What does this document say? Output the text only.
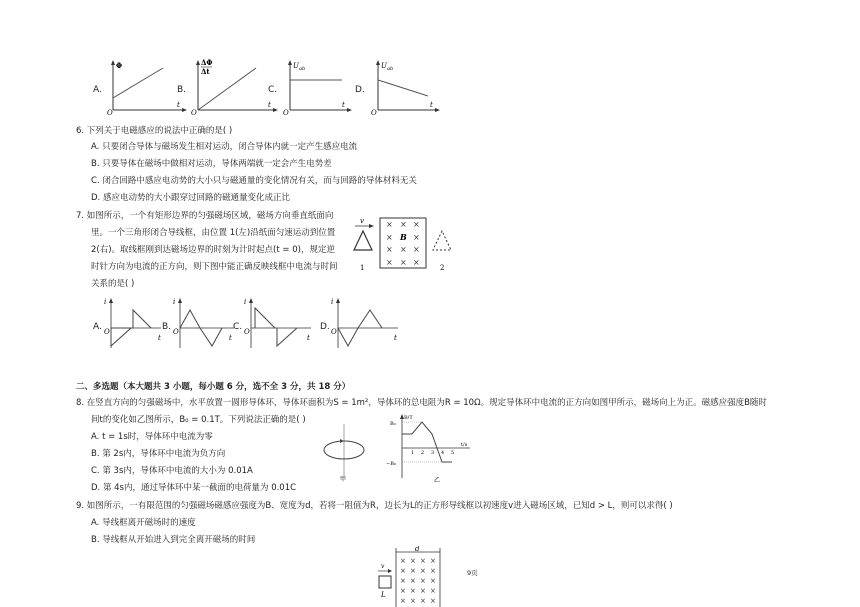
A.	B.	C.	D.
Φ
O
t
ΔΦ
Δt
O
t
U ab
O
t
U ab
O
t
6. 下列关于电磁感应的说法中正确的是( )
A. 只要闭合导体与磁场发生相对运动，闭合导体内就一定产生感应电流
B. 只要导体在磁场中做相对运动，导体两端就一定会产生电势差
C. 闭合回路中感应电动势的大小只与磁通量的变化情况有关，而与回路的导体材料无关
D. 感应电动势的大小跟穿过回路的磁通量变化成正比
7. 如图所示，一个有矩形边界的匀强磁场区域，磁场方向垂直纸面向
里。一个三角形闭合导线框，由位置 1(左)沿纸面匀速运动到位置
2(右)。取线框刚到达磁场边界的时刻为计时起点(t = 0)，规定逆
时针方向为电流的正方向，则下图中能正确反映线框中电流与时间
关系的是( )
v
1
× × ×
×	×
× × ×
× × ×
B
2
A.	B.	C.	D.
i
O
t
i
O
t
i
O
t
i
O
t
二、多选题（本大题共 3 小题，每小题 6 分，选不全 3 分，共 18 分）
8. 在竖直方向的匀强磁场中，水平放置一圆形导体环，导体环面积为S = 1m²，导体环的总电阻为R = 10Ω。规定导体环中电流的正方向如图甲所示，磁场向上为正。磁感应强度B随时
间t的变化如乙图所示，B₀ = 0.1T。下列说法正确的是( )
A. t = 1s时，导体环中电流为零
B. 第 2s内，导体环中电流为负方向
C. 第 3s内，导体环中电流的大小为 0.01A
D. 第 4s内，通过导体环中某一截面的电荷量为 0.01C
甲
B/T
B₀
−B₀
1 2 3 4 5
t/s
乙
9. 如图所示，一有限范围的匀强磁场磁感应强度为B、宽度为d，若将一阻值为R，边长为L的正方形导线框以初速度v进入磁场区域，已知d > L，则可以求得( )
A. 导线框离开磁场时的速度
B. 导线框从开始进入到完全离开磁场的时间
d
× × × ×
× × × ×
× × × ×
× × × ×
× × × ×
v
L
9页
